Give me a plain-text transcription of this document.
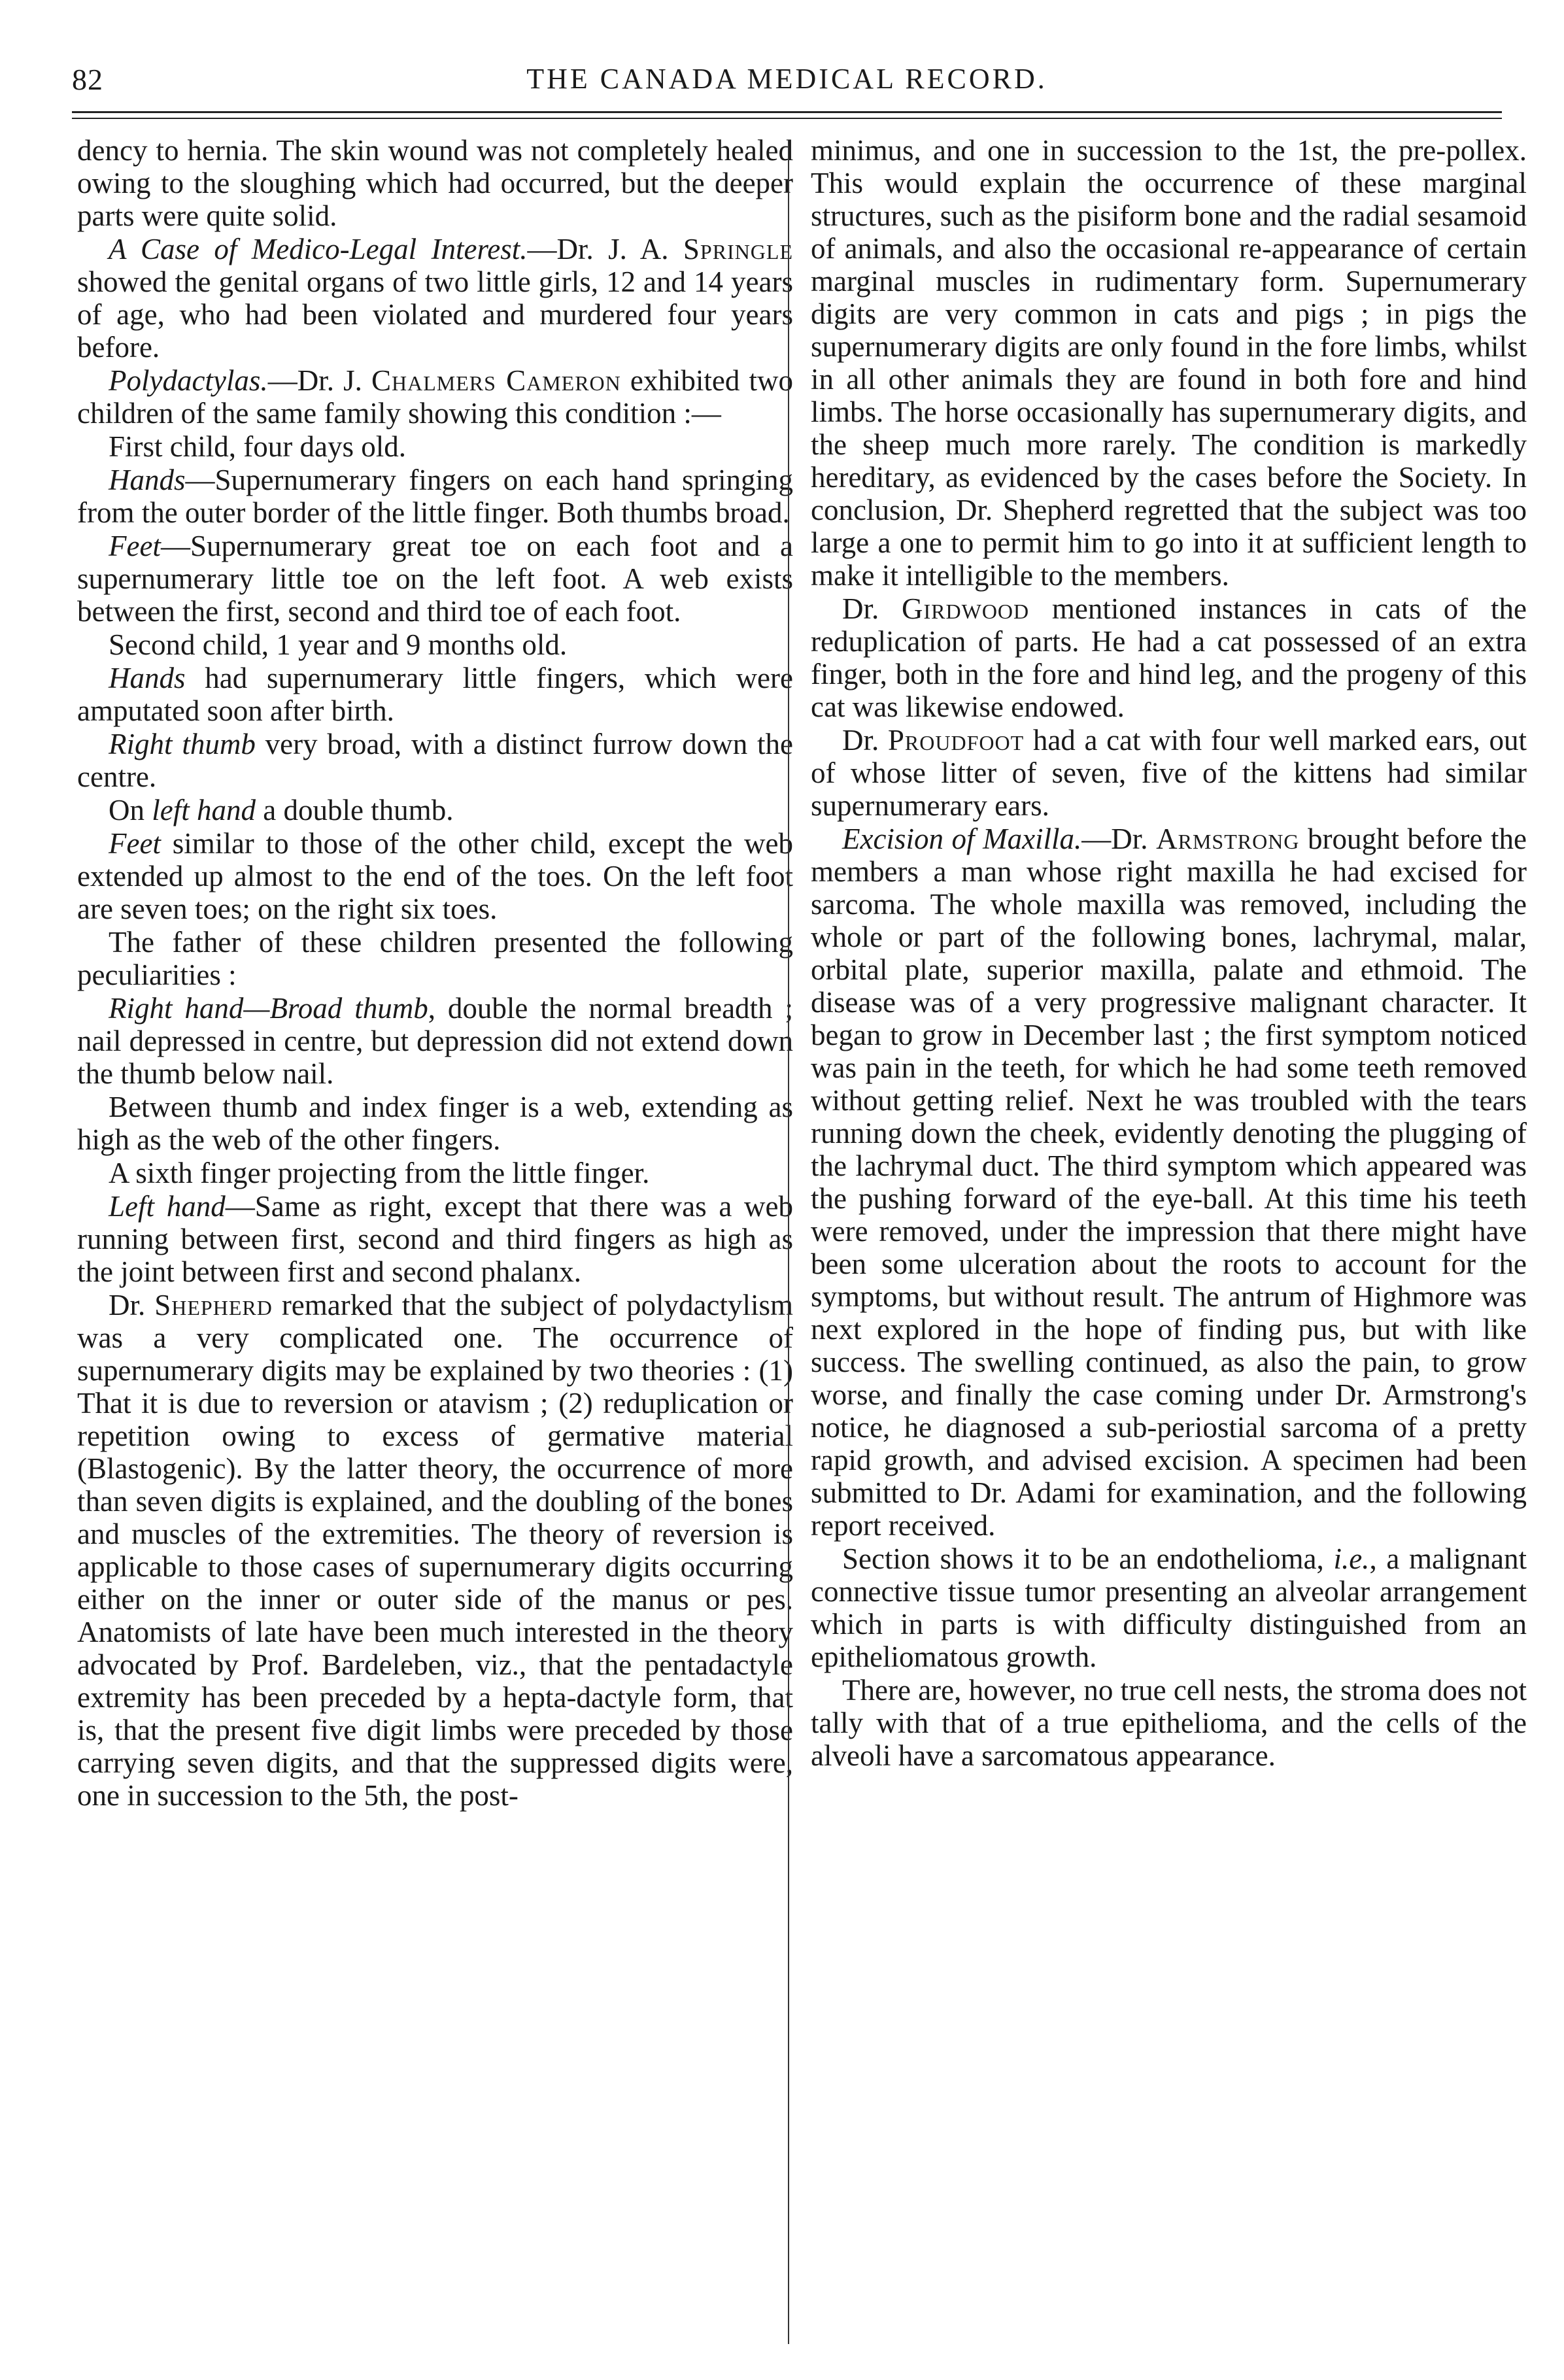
82	THE CANADA MEDICAL RECORD.

dency to hernia. The skin wound was not completely healed owing to the sloughing which had occurred, but the deeper parts were quite solid.

A Case of Medico-Legal Interest.—Dr. J. A. Springle showed the genital organs of two little girls, 12 and 14 years of age, who had been violated and murdered four years before.

Polydactylas.—Dr. J. Chalmers Cameron exhibited two children of the same family showing this condition :—

First child, four days old.

Hands—Supernumerary fingers on each hand springing from the outer border of the little finger. Both thumbs broad.

Feet—Supernumerary great toe on each foot and a supernumerary little toe on the left foot. A web exists between the first, second and third toe of each foot.

Second child, 1 year and 9 months old.

Hands had supernumerary little fingers, which were amputated soon after birth.

Right thumb very broad, with a distinct furrow down the centre.

On left hand a double thumb.

Feet similar to those of the other child, except the web extended up almost to the end of the toes. On the left foot are seven toes; on the right six toes.

The father of these children presented the following peculiarities :

Right hand—Broad thumb, double the normal breadth ; nail depressed in centre, but depression did not extend down the thumb below nail.

Between thumb and index finger is a web, extending as high as the web of the other fingers.

A sixth finger projecting from the little finger.

Left hand—Same as right, except that there was a web running between first, second and third fingers as high as the joint between first and second phalanx.

Dr. Shepherd remarked that the subject of polydactylism was a very complicated one. The occurrence of supernumerary digits may be explained by two theories : (1) That it is due to reversion or atavism ; (2) reduplication or repetition owing to excess of germative material (Blastogenic). By the latter theory, the occurrence of more than seven digits is explained, and the doubling of the bones and muscles of the extremities. The theory of reversion is applicable to those cases of supernumerary digits occurring either on the inner or outer side of the manus or pes. Anatomists of late have been much interested in the theory advocated by Prof. Bardeleben, viz., that the pentadactyle extremity has been preceded by a hepta-dactyle form, that is, that the present five digit limbs were preceded by those carrying seven digits, and that the suppressed digits were, one in succession to the 5th, the post-

minimus, and one in succession to the 1st, the pre-pollex. This would explain the occurrence of these marginal structures, such as the pisiform bone and the radial sesamoid of animals, and also the occasional re-appearance of certain marginal muscles in rudimentary form. Supernumerary digits are very common in cats and pigs ; in pigs the supernumerary digits are only found in the fore limbs, whilst in all other animals they are found in both fore and hind limbs. The horse occasionally has supernumerary digits, and the sheep much more rarely. The condition is markedly hereditary, as evidenced by the cases before the Society. In conclusion, Dr. Shepherd regretted that the subject was too large a one to permit him to go into it at sufficient length to make it intelligible to the members.

Dr. Girdwood mentioned instances in cats of the reduplication of parts. He had a cat possessed of an extra finger, both in the fore and hind leg, and the progeny of this cat was likewise endowed.

Dr. Proudfoot had a cat with four well marked ears, out of whose litter of seven, five of the kittens had similar supernumerary ears.

Excision of Maxilla.—Dr. Armstrong brought before the members a man whose right maxilla he had excised for sarcoma. The whole maxilla was removed, including the whole or part of the following bones, lachrymal, malar, orbital plate, superior maxilla, palate and ethmoid. The disease was of a very progressive malignant character. It began to grow in December last ; the first symptom noticed was pain in the teeth, for which he had some teeth removed without getting relief. Next he was troubled with the tears running down the cheek, evidently denoting the plugging of the lachrymal duct. The third symptom which appeared was the pushing forward of the eye-ball. At this time his teeth were removed, under the impression that there might have been some ulceration about the roots to account for the symptoms, but without result. The antrum of Highmore was next explored in the hope of finding pus, but with like success. The swelling continued, as also the pain, to grow worse, and finally the case coming under Dr. Armstrong's notice, he diagnosed a sub-periostial sarcoma of a pretty rapid growth, and advised excision. A specimen had been submitted to Dr. Adami for examination, and the following report received.

Section shows it to be an endothelioma, i.e., a malignant connective tissue tumor presenting an alveolar arrangement which in parts is with difficulty distinguished from an epitheliomatous growth.

There are, however, no true cell nests, the stroma does not tally with that of a true epithelioma, and the cells of the alveoli have a sarcomatous appearance.
